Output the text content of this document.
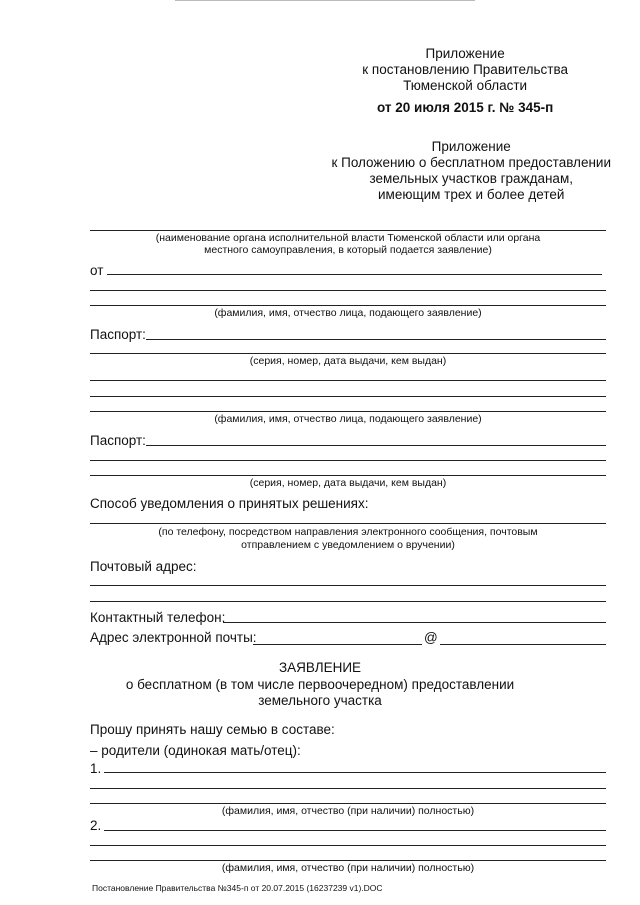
Приложение
к постановлению Правительства
Тюменской области
от 20 июля 2015 г. № 345-п
Приложение
к Положению о бесплатном предоставлении
земельных участков гражданам,
имеющим трех и более детей
(наименование органа исполнительной власти Тюменской области или органа
местного самоуправления, в который подается заявление)
от
(фамилия, имя, отчество лица, подающего заявление)
Паспорт:
(серия, номер, дата выдачи, кем выдан)
(фамилия, имя, отчество лица, подающего заявление)
Паспорт:
(серия, номер, дата выдачи, кем выдан)
Способ уведомления о принятых решениях:
(по телефону, посредством направления электронного сообщения, почтовым
отправлением с уведомлением о вручении)
Почтовый адрес:
Контактный телефон:
Адрес электронной почты:	@
ЗАЯВЛЕНИЕ
о бесплатном (в том числе первоочередном) предоставлении
земельного участка
Прошу принять нашу семью в составе:
– родители (одинокая мать/отец):
1.
(фамилия, имя, отчество (при наличии) полностью)
2.
(фамилия, имя, отчество (при наличии) полностью)
Постановление Правительства №345-п от 20.07.2015 (16237239 v1).DOC
